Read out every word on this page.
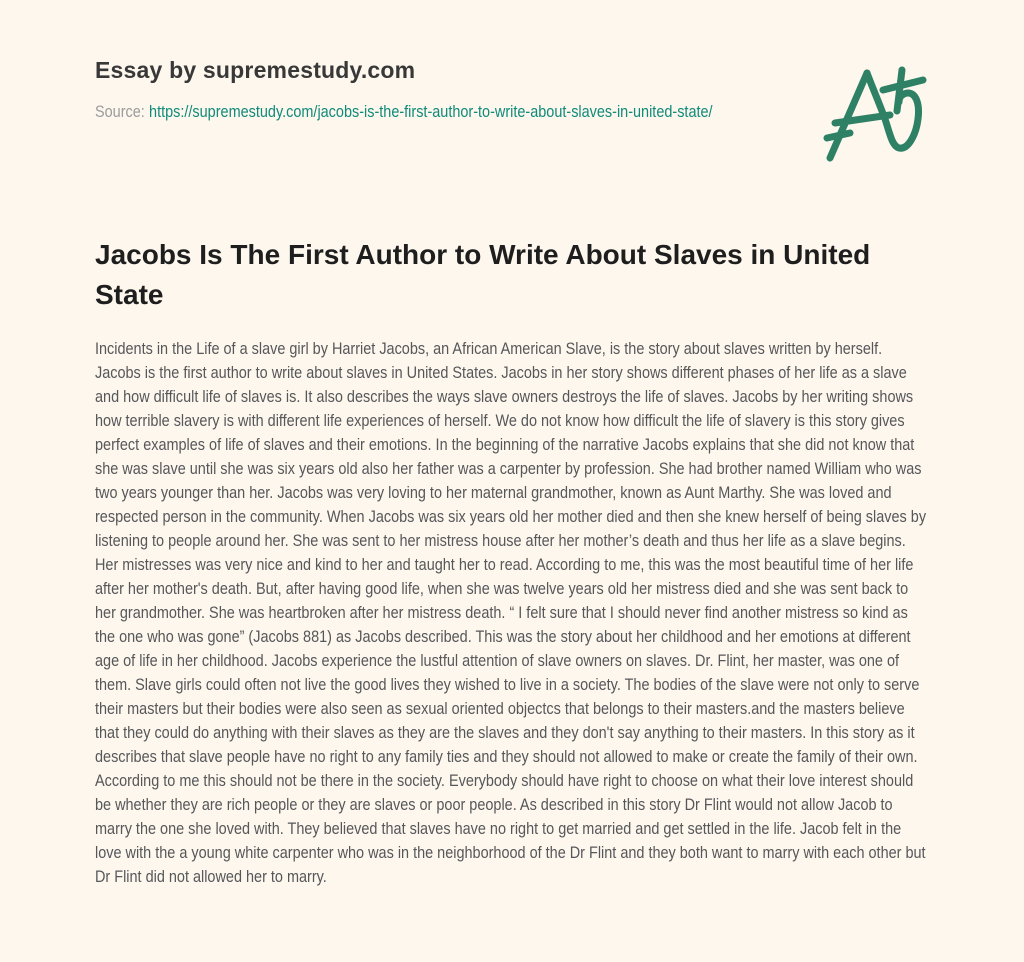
Essay by supremestudy.com

Source: https://supremestudy.com/jacobs-is-the-first-author-to-write-about-slaves-in-united-state/

Jacobs Is The First Author to Write About Slaves in United State

Incidents in the Life of a slave girl by Harriet Jacobs, an African American Slave, is the story about slaves written by herself. Jacobs is the first author to write about slaves in United States. Jacobs in her story shows different phases of her life as a slave and how difficult life of slaves is. It also describes the ways slave owners destroys the life of slaves. Jacobs by her writing shows how terrible slavery is with different life experiences of herself. We do not know how difficult the life of slavery is this story gives perfect examples of life of slaves and their emotions. In the beginning of the narrative Jacobs explains that she did not know that she was slave until she was six years old also her father was a carpenter by profession. She had brother named William who was two years younger than her. Jacobs was very loving to her maternal grandmother, known as Aunt Marthy. She was loved and respected person in the community. When Jacobs was six years old her mother died and then she knew herself of being slaves by listening to people around her. She was sent to her mistress house after her mother’s death and thus her life as a slave begins. Her mistresses was very nice and kind to her and taught her to read. According to me, this was the most beautiful time of her life after her mother's death. But, after having good life, when she was twelve years old her mistress died and she was sent back to her grandmother. She was heartbroken after her mistress death. “ I felt sure that I should never find another mistress so kind as the one who was gone” (Jacobs 881) as Jacobs described. This was the story about her childhood and her emotions at different age of life in her childhood. Jacobs experience the lustful attention of slave owners on slaves. Dr. Flint, her master, was one of them. Slave girls could often not live the good lives they wished to live in a society. The bodies of the slave were not only to serve their masters but their bodies were also seen as sexual oriented objectcs that belongs to their masters.and the masters believe that they could do anything with their slaves as they are the slaves and they don't say anything to their masters. In this story as it describes that slave people have no right to any family ties and they should not allowed to make or create the family of their own. According to me this should not be there in the society. Everybody should have right to choose on what their love interest should be whether they are rich people or they are slaves or poor people. As described in this story Dr Flint would not allow Jacob to marry the one she loved with. They believed that slaves have no right to get married and get settled in the life. Jacob felt in the love with the a young white carpenter who was in the neighborhood of the Dr Flint and they both want to marry with each other but Dr Flint did not allowed her to marry.
